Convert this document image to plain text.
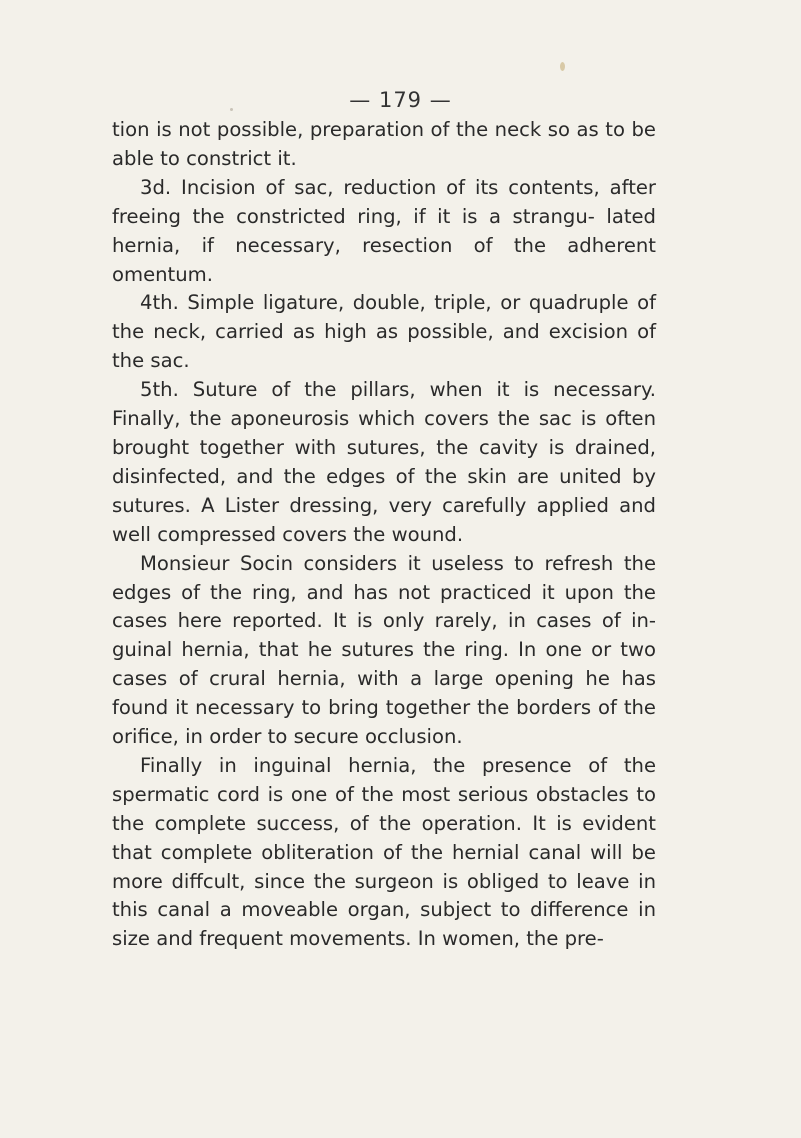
— 179 —

tion is not possible, preparation of the neck so as to be able to constrict it.

3d. Incision of sac, reduction of its contents, after freeing the constricted ring, if it is a strangu- lated hernia, if necessary, resection of the adherent omentum.

4th. Simple ligature, double, triple, or quadruple of the neck, carried as high as possible, and excision of the sac.

5th. Suture of the pillars, when it is necessary. Finally, the aponeurosis which covers the sac is often brought together with sutures, the cavity is drained, disinfected, and the edges of the skin are united by sutures. A Lister dressing, very carefully applied and well compressed covers the wound.

Monsieur Socin considers it useless to refresh the edges of the ring, and has not practiced it upon the cases here reported. It is only rarely, in cases of in- guinal hernia, that he sutures the ring. In one or two cases of crural hernia, with a large opening he has found it necessary to bring together the borders of the orifice, in order to secure occlusion.

Finally in inguinal hernia, the presence of the spermatic cord is one of the most serious obstacles to the complete success, of the operation. It is evident that complete obliteration of the hernial canal will be more diffcult, since the surgeon is obliged to leave in this canal a moveable organ, subject to difference in size and frequent movements. In women, the pre-
